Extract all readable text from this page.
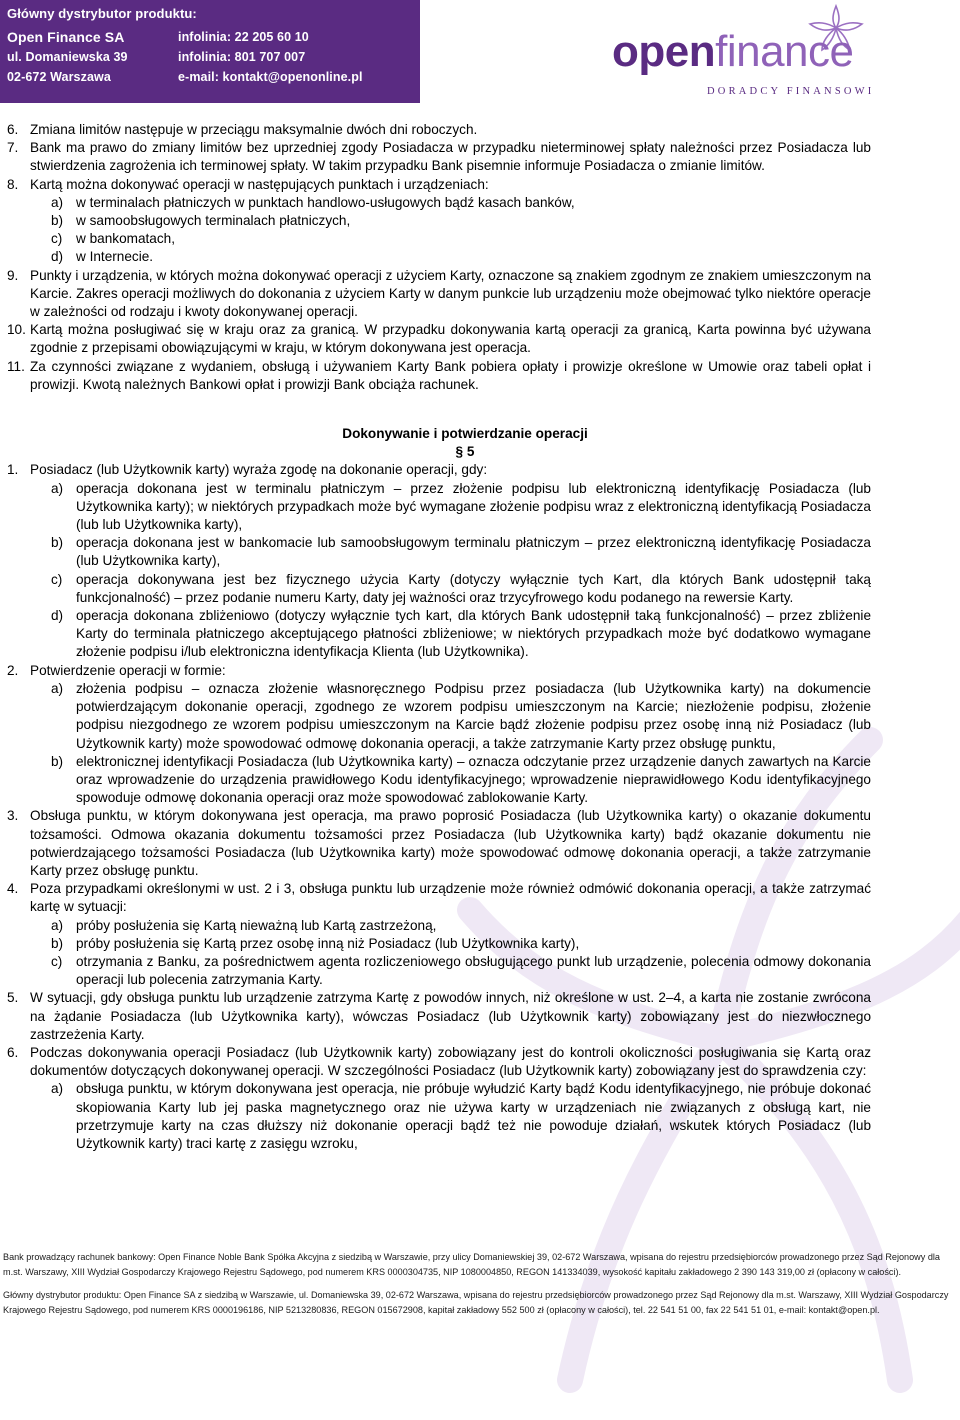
Główny dystrybutor produktu:
Open Finance SA
ul. Domaniewska 39
02-672 Warszawa
infolinia: 22 205 60 10
infolinia: 801 707 007
e-mail: kontakt@openonline.pl
openfinance
DORADCY FINANSOWI
6. Zmiana limitów następuje w przeciągu maksymalnie dwóch dni roboczych.
7. Bank ma prawo do zmiany limitów bez uprzedniej zgody Posiadacza w przypadku nieterminowej spłaty należności przez Posiadacza lub stwierdzenia zagrożenia ich terminowej spłaty. W takim przypadku Bank pisemnie informuje Posiadacza o zmianie limitów.
8. Kartą można dokonywać operacji w następujących punktach i urządzeniach:
a) w terminalach płatniczych w punktach handlowo-usługowych bądź kasach banków,
b) w samoobsługowych terminalach płatniczych,
c) w bankomatach,
d) w Internecie.
9. Punkty i urządzenia, w których można dokonywać operacji z użyciem Karty, oznaczone są znakiem zgodnym ze znakiem umieszczonym na Karcie. Zakres operacji możliwych do dokonania z użyciem Karty w danym punkcie lub urządzeniu może obejmować tylko niektóre operacje w zależności od rodzaju i kwoty dokonywanej operacji.
10. Kartą można posługiwać się w kraju oraz za granicą. W przypadku dokonywania kartą operacji za granicą, Karta powinna być używana zgodnie z przepisami obowiązującymi w kraju, w którym dokonywana jest operacja.
11. Za czynności związane z wydaniem, obsługą i używaniem Karty Bank pobiera opłaty i prowizje określone w Umowie oraz tabeli opłat i prowizji. Kwotą należnych Bankowi opłat i prowizji Bank obciąża rachunek.
Dokonywanie i potwierdzanie operacji
§ 5
1. Posiadacz (lub Użytkownik karty) wyraża zgodę na dokonanie operacji, gdy:
a) operacja dokonana jest w terminalu płatniczym – przez złożenie podpisu lub elektroniczną identyfikację Posiadacza (lub Użytkownika karty); w niektórych przypadkach może być wymagane złożenie podpisu wraz z elektroniczną identyfikacją Posiadacza (lub lub Użytkownika karty),
b) operacja dokonana jest w bankomacie lub samoobsługowym terminalu płatniczym – przez elektroniczną identyfikację Posiadacza (lub Użytkownika karty),
c) operacja dokonywana jest bez fizycznego użycia Karty (dotyczy wyłącznie tych Kart, dla których Bank udostępnił taką funkcjonalność) – przez podanie numeru Karty, daty jej ważności oraz trzycyfrowego kodu podanego na rewersie Karty.
d) operacja dokonana zbliżeniowo (dotyczy wyłącznie tych kart, dla których Bank udostępnił taką funkcjonalność) – przez zbliżenie Karty do terminala płatniczego akceptującego płatności zbliżeniowe; w niektórych przypadkach może być dodatkowo wymagane złożenie podpisu i/lub elektroniczna identyfikacja Klienta (lub Użytkownika).
2. Potwierdzenie operacji w formie:
a) złożenia podpisu – oznacza złożenie własnoręcznego Podpisu przez posiadacza (lub Użytkownika karty) na dokumencie potwierdzającym dokonanie operacji, zgodnego ze wzorem podpisu umieszczonym na Karcie; niezłożenie podpisu, złożenie podpisu niezgodnego ze wzorem podpisu umieszczonym na Karcie bądź złożenie podpisu przez osobę inną niż Posiadacz (lub Użytkownik karty) może spowodować odmowę dokonania operacji, a także zatrzymanie Karty przez obsługę punktu,
b) elektronicznej identyfikacji Posiadacza (lub Użytkownika karty) – oznacza odczytanie przez urządzenie danych zawartych na Karcie oraz wprowadzenie do urządzenia prawidłowego Kodu identyfikacyjnego; wprowadzenie nieprawidłowego Kodu identyfikacyjnego spowoduje odmowę dokonania operacji oraz może spowodować zablokowanie Karty.
3. Obsługa punktu, w którym dokonywana jest operacja, ma prawo poprosić Posiadacza (lub Użytkownika karty) o okazanie dokumentu tożsamości. Odmowa okazania dokumentu tożsamości przez Posiadacza (lub Użytkownika karty) bądź okazanie dokumentu nie potwierdzającego tożsamości Posiadacza (lub Użytkownika karty) może spowodować odmowę dokonania operacji, a także zatrzymanie Karty przez obsługę punktu.
4. Poza przypadkami określonymi w ust. 2 i 3, obsługa punktu lub urządzenie może również odmówić dokonania operacji, a także zatrzymać kartę w sytuacji:
a) próby posłużenia się Kartą nieważną lub Kartą zastrzeżoną,
b) próby posłużenia się Kartą przez osobę inną niż Posiadacz (lub Użytkownika karty),
c) otrzymania z Banku, za pośrednictwem agenta rozliczeniowego obsługującego punkt lub urządzenie, polecenia odmowy dokonania operacji lub polecenia zatrzymania Karty.
5. W sytuacji, gdy obsługa punktu lub urządzenie zatrzyma Kartę z powodów innych, niż określone w ust. 2–4, a karta nie zostanie zwrócona na żądanie Posiadacza (lub Użytkownika karty), wówczas Posiadacz (lub Użytkownik karty) zobowiązany jest do niezwłocznego zastrzeżenia Karty.
6. Podczas dokonywania operacji Posiadacz (lub Użytkownik karty) zobowiązany jest do kontroli okoliczności posługiwania się Kartą oraz dokumentów dotyczących dokonywanej operacji. W szczególności Posiadacz (lub Użytkownik karty) zobowiązany jest do sprawdzenia czy:
a) obsługa punktu, w którym dokonywana jest operacja, nie próbuje wyłudzić Karty bądź Kodu identyfikacyjnego, nie próbuje dokonać skopiowania Karty lub jej paska magnetycznego oraz nie używa karty w urządzeniach nie związanych z obsługą kart, nie przetrzymuje karty na czas dłuższy niż dokonanie operacji bądź też nie powoduje działań, wskutek których Posiadacz (lub Użytkownik karty) traci kartę z zasięgu wzroku,

Bank prowadzący rachunek bankowy: Open Finance Noble Bank Spółka Akcyjna z siedzibą w Warszawie, przy ulicy Domaniewskiej 39, 02-672 Warszawa, wpisana do rejestru przedsiębiorców prowadzonego przez Sąd Rejonowy dla m.st. Warszawy, XIII Wydział Gospodarczy Krajowego Rejestru Sądowego, pod numerem KRS 0000304735, NIP 1080004850, REGON 141334039, wysokość kapitału zakładowego 2 390 143 319,00 zł (opłacony w całości).

Główny dystrybutor produktu: Open Finance SA z siedzibą w Warszawie, ul. Domaniewska 39, 02-672 Warszawa, wpisana do rejestru przedsiębiorców prowadzonego przez Sąd Rejonowy dla m.st. Warszawy, XIII Wydział Gospodarczy Krajowego Rejestru Sądowego, pod numerem KRS 0000196186, NIP 5213280836, REGON 015672908, kapitał zakładowy 552 500 zł (opłacony w całości), tel. 22 541 51 00, fax 22 541 51 01, e-mail: kontakt@open.pl.
